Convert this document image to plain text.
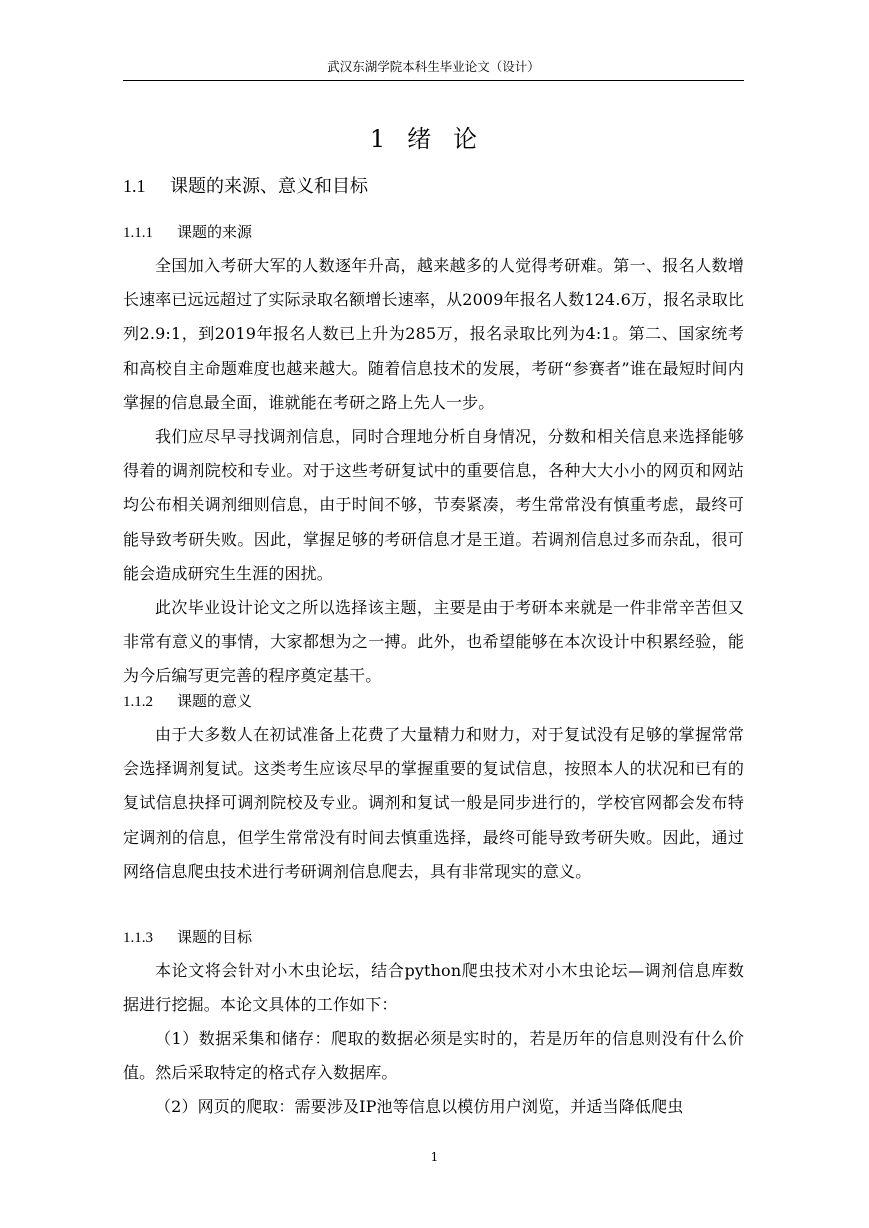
武汉东湖学院本科生毕业论文（设计）
1 绪论
1.1 课题的来源、意义和目标
1.1.1 课题的来源

全国加入考研大军的人数逐年升高，越来越多的人觉得考研难。第一、报名人数增长速率已远远超过了实际录取名额增长速率，从2009年报名人数124.6万，报名录取比列2.9:1，到2019年报名人数已上升为285万，报名录取比列为4:1。第二、国家统考和高校自主命题难度也越来越大。随着信息技术的发展，考研“参赛者”谁在最短时间内掌握的信息最全面，谁就能在考研之路上先人一步。

我们应尽早寻找调剂信息，同时合理地分析自身情况，分数和相关信息来选择能够得着的调剂院校和专业。对于这些考研复试中的重要信息，各种大大小小的网页和网站均公布相关调剂细则信息，由于时间不够，节奏紧凑，考生常常没有慎重考虑，最终可能导致考研失败。因此，掌握足够的考研信息才是王道。若调剂信息过多而杂乱，很可能会造成研究生生涯的困扰。

此次毕业设计论文之所以选择该主题，主要是由于考研本来就是一件非常辛苦但又非常有意义的事情，大家都想为之一搏。此外，也希望能够在本次设计中积累经验，能为今后编写更完善的程序奠定基干。

1.1.2 课题的意义

由于大多数人在初试准备上花费了大量精力和财力，对于复试没有足够的掌握常常会选择调剂复试。这类考生应该尽早的掌握重要的复试信息，按照本人的状况和已有的复试信息抉择可调剂院校及专业。调剂和复试一般是同步进行的，学校官网都会发布特定调剂的信息，但学生常常没有时间去慎重选择，最终可能导致考研失败。因此，通过网络信息爬虫技术进行考研调剂信息爬去，具有非常现实的意义。

1.1.3 课题的目标

本论文将会针对小木虫论坛，结合python爬虫技术对小木虫论坛—调剂信息库数据进行挖掘。本论文具体的工作如下：

（1）数据采集和储存：爬取的数据必须是实时的，若是历年的信息则没有什么价值。然后采取特定的格式存入数据库。

（2）网页的爬取：需要涉及IP池等信息以模仿用户浏览，并适当降低爬虫

1
